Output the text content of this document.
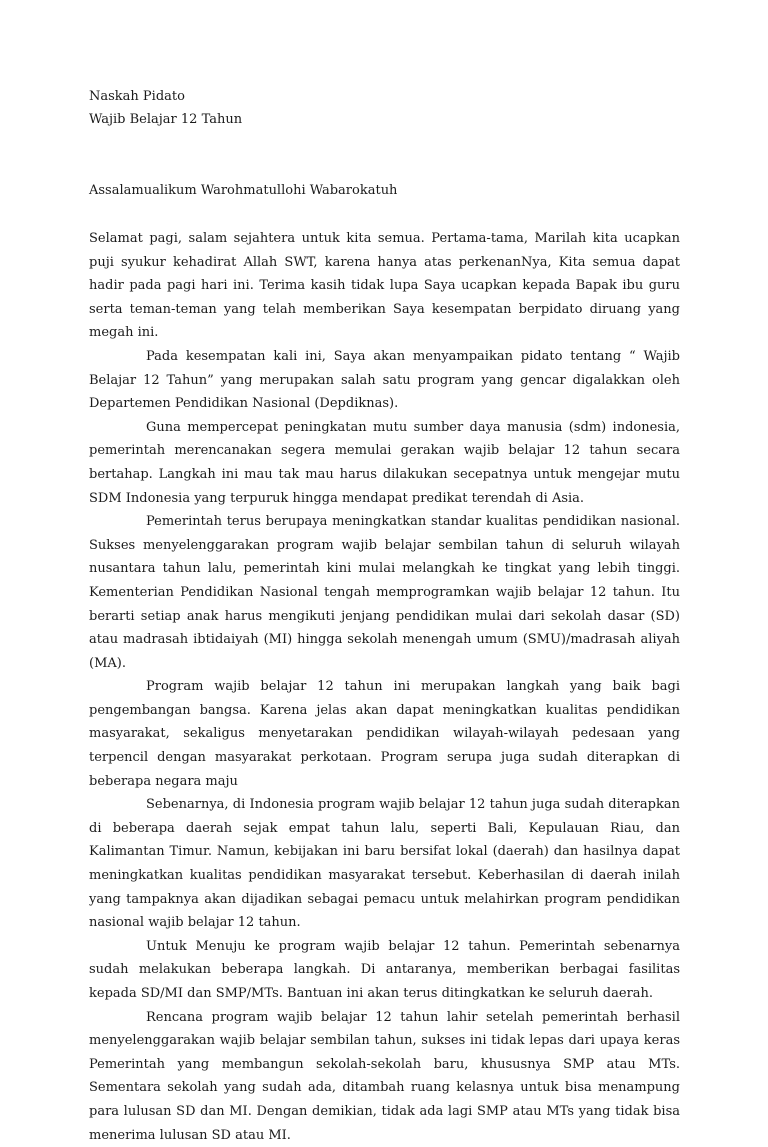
Naskah Pidato
Wajib Belajar 12 Tahun
Assalamualikum Warohmatullohi Wabarokatuh

Selamat pagi, salam sejahtera untuk kita semua. Pertama-tama, Marilah kita ucapkan puji syukur kehadirat Allah SWT, karena hanya atas perkenanNya, Kita semua dapat hadir pada pagi hari ini. Terima kasih tidak lupa Saya ucapkan kepada Bapak ibu guru serta teman-teman yang telah memberikan Saya kesempatan berpidato diruang yang megah ini.

Pada kesempatan kali ini, Saya akan menyampaikan pidato tentang “ Wajib Belajar 12 Tahun” yang merupakan salah satu program yang gencar digalakkan oleh Departemen Pendidikan Nasional (Depdiknas).

Guna mempercepat peningkatan mutu sumber daya manusia (sdm) indonesia, pemerintah merencanakan segera memulai gerakan wajib belajar 12 tahun secara bertahap. Langkah ini mau tak mau harus dilakukan secepatnya untuk mengejar mutu SDM Indonesia yang terpuruk hingga mendapat predikat terendah di Asia.

Pemerintah terus berupaya meningkatkan standar kualitas pendidikan nasional. Sukses menyelenggarakan program wajib belajar sembilan tahun di seluruh wilayah nusantara tahun lalu, pemerintah kini mulai melangkah ke tingkat yang lebih tinggi. Kementerian Pendidikan Nasional tengah memprogramkan wajib belajar 12 tahun. Itu berarti setiap anak harus mengikuti jenjang pendidikan mulai dari sekolah dasar (SD) atau madrasah ibtidaiyah (MI) hingga sekolah menengah umum (SMU)/madrasah aliyah (MA).

Program wajib belajar 12 tahun ini merupakan langkah yang baik bagi pengembangan bangsa. Karena jelas akan dapat meningkatkan kualitas pendidikan masyarakat, sekaligus menyetarakan pendidikan wilayah-wilayah pedesaan yang terpencil dengan masyarakat perkotaan. Program serupa juga sudah diterapkan di beberapa negara maju

Sebenarnya, di Indonesia program wajib belajar 12 tahun juga sudah diterapkan di beberapa daerah sejak empat tahun lalu, seperti Bali, Kepulauan Riau, dan Kalimantan Timur. Namun, kebijakan ini baru bersifat lokal (daerah) dan hasilnya dapat meningkatkan kualitas pendidikan masyarakat tersebut. Keberhasilan di daerah inilah yang tampaknya akan dijadikan sebagai pemacu untuk melahirkan program pendidikan nasional wajib belajar 12 tahun.

Untuk Menuju ke program wajib belajar 12 tahun. Pemerintah sebenarnya sudah melakukan beberapa langkah. Di antaranya, memberikan berbagai fasilitas kepada SD/MI dan SMP/MTs. Bantuan ini akan terus ditingkatkan ke seluruh daerah.

Rencana program wajib belajar 12 tahun lahir setelah pemerintah berhasil menyelenggarakan wajib belajar sembilan tahun, sukses ini tidak lepas dari upaya keras Pemerintah yang membangun sekolah-sekolah baru, khususnya SMP atau MTs. Sementara sekolah yang sudah ada, ditambah ruang kelasnya untuk bisa menampung para lulusan SD dan MI. Dengan demikian, tidak ada lagi SMP atau MTs yang tidak bisa menerima lulusan SD atau MI.
